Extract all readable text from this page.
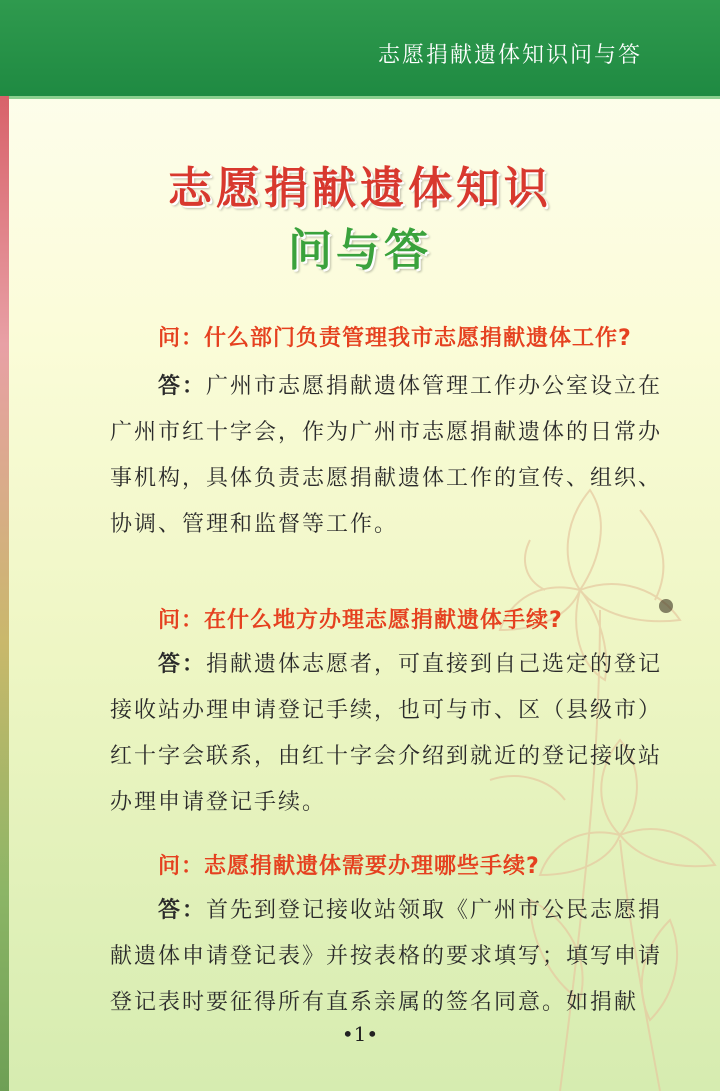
志愿捐献遗体知识问与答
志愿捐献遗体知识
问与答
问：什么部门负责管理我市志愿捐献遗体工作?
答：广州市志愿捐献遗体管理工作办公室设立在广州市红十字会，作为广州市志愿捐献遗体的日常办事机构，具体负责志愿捐献遗体工作的宣传、组织、协调、管理和监督等工作。
问：在什么地方办理志愿捐献遗体手续?
答：捐献遗体志愿者，可直接到自己选定的登记接收站办理申请登记手续，也可与市、区（县级市）红十字会联系，由红十字会介绍到就近的登记接收站办理申请登记手续。
问：志愿捐献遗体需要办理哪些手续?
答：首先到登记接收站领取《广州市公民志愿捐献遗体申请登记表》并按表格的要求填写；填写申请登记表时要征得所有直系亲属的签名同意。如捐献
•1•
